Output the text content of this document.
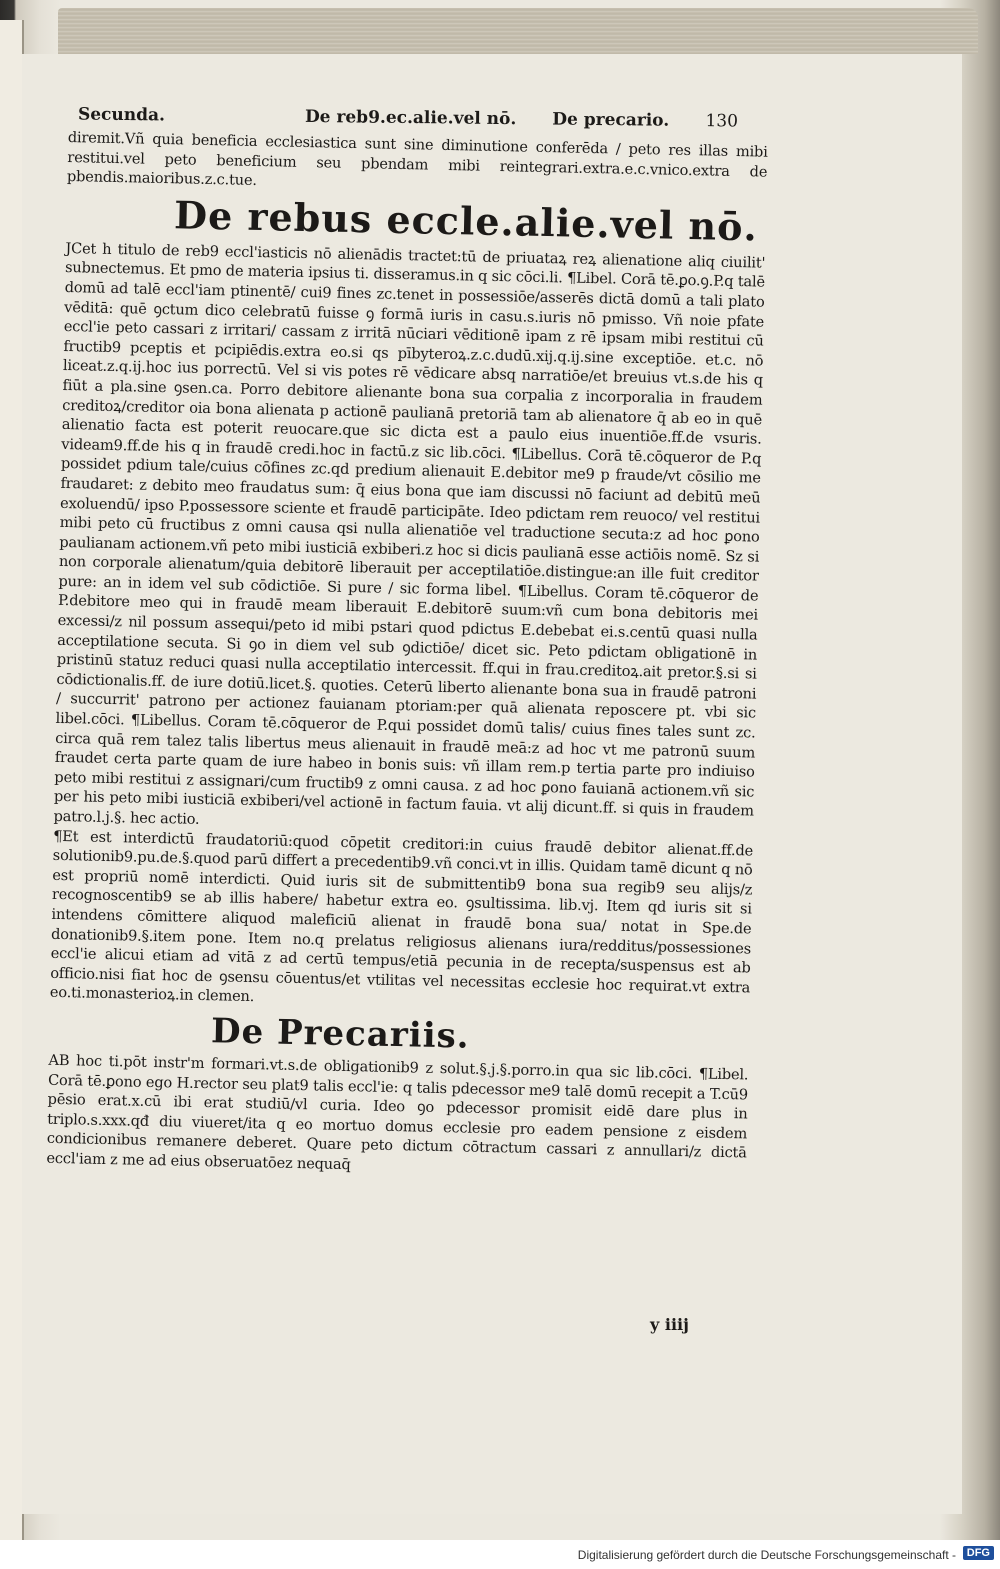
Secunda.	De reb9.ec.alie.vel nō. De precario. 130

diremit.Vñ quia beneficia ecclesiastica sunt sine diminutione conferēda / peto res illas mibi restitui.vel peto beneficium seu pbendam mibi reintegrari.extra.e.c.vnico.extra de pbendis.maioribus.z.c.tue.

De rebus eccle.alie.vel nō.

JCet h titulo de reb9 eccl'iasticis nō alienādis tractet:tū de priuataꝝ reꝝ alienatione aliq ciuilit' subnectemus. Et pmo de materia ipsius ti. disseramus.in q sic cōci.li. ¶Libel. Corā tē.ꝑo.ꝯ.P.q talē domū ad talē eccl'iam ptinentē/ cui9 fines zc.tenet in possessiōe/asserēs dictā domū a tali plato vēditā: quē ꝯctum dico celebratū fuisse ꝯ formā iuris in casu.s.iuris nō pmisso. Vñ noie pfate eccl'ie peto cassari z irritari/ cassam z irritā nūciari vēditionē ipam z rē ipsam mibi restitui cū fructib9 pceptis et pcipiēdis.extra eo.si qs pībyteroꝝ.z.c.dudū.xij.q.ij.sine exceptiōe. et.c. nō liceat.z.q.ij.hoc ius porrectū. Vel si vis potes rē vēdicare absq narratiōe/et breuius vt.s.de his q fiūt a pla.sine ꝯsen.ca. Porro debitore alienante bona sua corpalia z incorporalia in fraudem creditoꝝ/creditor oia bona alienata p actionē paulianā pretoriā tam ab alienatore q̄ ab eo in quē alienatio facta est poterit reuocare.que sic dicta est a paulo eius inuentiōe.ff.de vsuris. videam9.ff.de his q in fraudē credi.hoc in factū.z sic lib.cōci. ¶Libellus. Corā tē.cōqueror de P.q possidet pdium tale/cuius cōfines zc.qd predium alienauit E.debitor me9 p fraude/vt cōsilio me fraudaret: z debito meo fraudatus sum: q̄ eius bona que iam discussi nō faciunt ad debitū meū exoluendū/ ipso P.possessore sciente et fraudē participāte. Ideo pdictam rem reuoco/ vel restitui mibi peto cū fructibus z omni causa qsi nulla alienatiōe vel traductione secuta:z ad hoc ꝑono paulianam actionem.vñ peto mibi iusticiā exbiberi.z hoc si dicis paulianā esse actiōis nomē. Sz si non corporale alienatum/quia debitorē liberauit per acceptilatiōe.distingue:an ille fuit creditor pure: an in idem vel sub cōdictiōe. Si pure / sic forma libel. ¶Libellus. Coram tē.cōqueror de P.debitore meo qui in fraudē meam liberauit E.debitorē suum:vñ cum bona debitoris mei excessi/z nil possum assequi/peto id mibi pstari quod pdictus E.debebat ei.s.centū quasi nulla acceptilatione secuta. Si ꝯo in diem vel sub ꝯdictiōe/ dicet sic. Peto pdictam obligationē in pristinū statuz reduci quasi nulla acceptilatio intercessit. ff.qui in frau.creditoꝝ.ait pretor.§.si si cōdictionalis.ff. de iure dotiū.licet.§. quoties. Ceterū liberto alienante bona sua in fraudē patroni / succurrit' patrono per actionez fauianam ptoriam:per quā alienata reposcere pt. vbi sic libel.cōci. ¶Libellus. Coram tē.cōqueror de P.qui possidet domū talis/ cuius fines tales sunt zc. circa quā rem talez talis libertus meus alienauit in fraudē meā:z ad hoc vt me patronū suum fraudet certa parte quam de iure habeo in bonis suis: vñ illam rem.p tertia parte pro indiuiso peto mibi restitui z assignari/cum fructib9 z omni causa. z ad hoc ꝑono fauianā actionem.vñ sic per his peto mibi iusticiā exbiberi/vel actionē in factum fauia. vt alij dicunt.ff. si quis in fraudem patro.l.j.§. hec actio.

¶Et est interdictū fraudatoriū:quod cōpetit creditori:in cuius fraudē debitor alienat.ff.de solutionib9.pu.de.§.quod parū differt a precedentib9.vñ conci.vt in illis. Quidam tamē dicunt q nō est propriū nomē interdicti. Quid iuris sit de submittentib9 bona sua regib9 seu alijs/z recognoscentib9 se ab illis habere/ habetur extra eo. ꝯsultissima. lib.vj. Item qd iuris sit si intendens cōmittere aliquod maleficiū alienat in fraudē bona sua/ notat in Spe.de donationib9.§.item pone. Item no.q prelatus religiosus alienans iura/redditus/possessiones eccl'ie alicui etiam ad vitā z ad certū tempus/etiā pecunia in de recepta/suspensus est ab officio.nisi fiat hoc de ꝯsensu cōuentus/et vtilitas vel necessitas ecclesie hoc requirat.vt extra eo.ti.monasterioꝝ.in clemen.

De Precariis.

AB hoc ti.pōt instr'm formari.vt.s.de obligationib9 z solut.§.j.§.porro.in qua sic lib.cōci. ¶Libel. Corā tē.ꝑono ego H.rector seu plat9 talis eccl'ie: q talis pdecessor me9 talē domū recepit a T.cū9 pēsio erat.x.cū ibi erat studiū/vl curia. Ideo ꝯo pdecessor promisit eidē dare plus in triplo.s.xxx.qđ diu viueret/ita q eo mortuo domus ecclesie pro eadem pensione z eisdem condicionibus remanere deberet. Quare peto dictum cōtractum cassari z annullari/z dictā eccl'iam z me ad eius obseruatōez nequaq̄

y iiij
Digitalisierung gefördert durch die Deutsche Forschungsgemeinschaft - DFG
